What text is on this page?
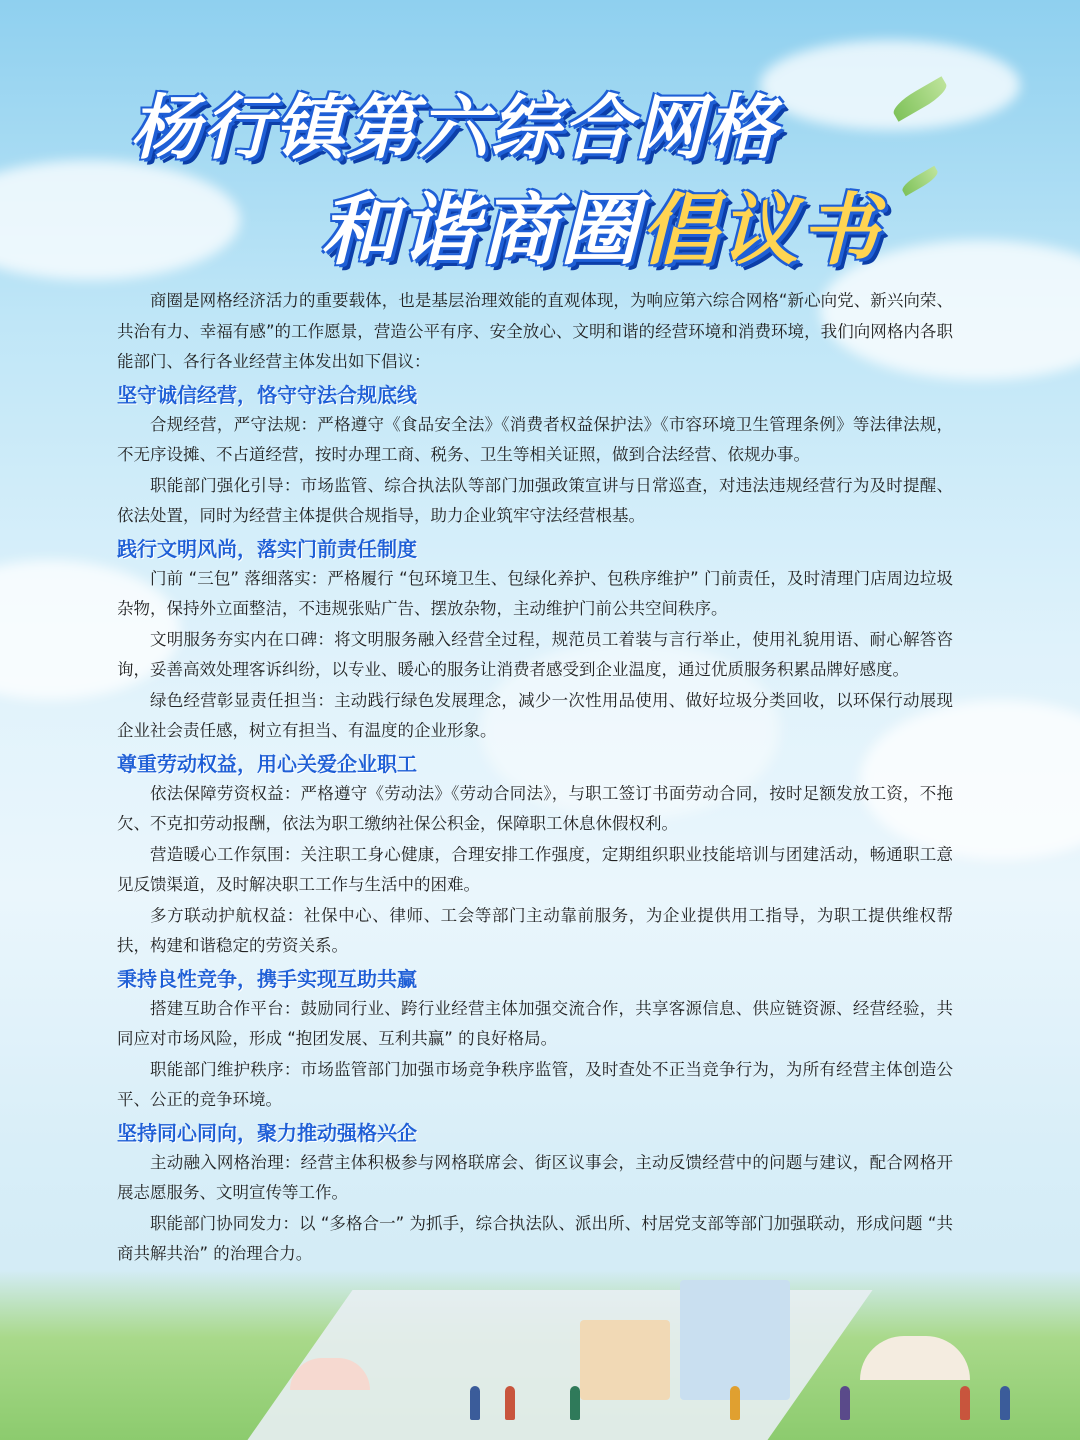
杨行镇第六综合网格
和谐商圈倡议书

商圈是网格经济活力的重要载体，也是基层治理效能的直观体现，为响应第六综合网格“新心向党、新兴向荣、共治有力、幸福有感”的工作愿景，营造公平有序、安全放心、文明和谐的经营环境和消费环境，我们向网格内各职能部门、各行各业经营主体发出如下倡议：

坚守诚信经营，恪守守法合规底线

合规经营，严守法规：严格遵守《食品安全法》《消费者权益保护法》《市容环境卫生管理条例》等法律法规，不无序设摊、不占道经营，按时办理工商、税务、卫生等相关证照，做到合法经营、依规办事。

职能部门强化引导：市场监管、综合执法队等部门加强政策宣讲与日常巡查，对违法违规经营行为及时提醒、依法处置，同时为经营主体提供合规指导，助力企业筑牢守法经营根基。

践行文明风尚，落实门前责任制度

门前 “三包” 落细落实：严格履行 “包环境卫生、包绿化养护、包秩序维护” 门前责任，及时清理门店周边垃圾杂物，保持外立面整洁，不违规张贴广告、摆放杂物，主动维护门前公共空间秩序。

文明服务夯实内在口碑：将文明服务融入经营全过程，规范员工着装与言行举止，使用礼貌用语、耐心解答咨询，妥善高效处理客诉纠纷，以专业、暖心的服务让消费者感受到企业温度，通过优质服务积累品牌好感度。

绿色经营彰显责任担当：主动践行绿色发展理念，减少一次性用品使用、做好垃圾分类回收，以环保行动展现企业社会责任感，树立有担当、有温度的企业形象。

尊重劳动权益，用心关爱企业职工

依法保障劳资权益：严格遵守《劳动法》《劳动合同法》，与职工签订书面劳动合同，按时足额发放工资，不拖欠、不克扣劳动报酬，依法为职工缴纳社保公积金，保障职工休息休假权利。

营造暖心工作氛围：关注职工身心健康，合理安排工作强度，定期组织职业技能培训与团建活动，畅通职工意见反馈渠道，及时解决职工工作与生活中的困难。

多方联动护航权益：社保中心、律师、工会等部门主动靠前服务，为企业提供用工指导，为职工提供维权帮扶，构建和谐稳定的劳资关系。

秉持良性竞争，携手实现互助共赢

搭建互助合作平台：鼓励同行业、跨行业经营主体加强交流合作，共享客源信息、供应链资源、经营经验，共同应对市场风险，形成 “抱团发展、互利共赢” 的良好格局。

职能部门维护秩序：市场监管部门加强市场竞争秩序监管，及时查处不正当竞争行为，为所有经营主体创造公平、公正的竞争环境。

坚持同心同向，聚力推动强格兴企

主动融入网格治理：经营主体积极参与网格联席会、街区议事会，主动反馈经营中的问题与建议，配合网格开展志愿服务、文明宣传等工作。

职能部门协同发力：以 “多格合一” 为抓手，综合执法队、派出所、村居党支部等部门加强联动，形成问题 “共商共解共治” 的治理合力。
